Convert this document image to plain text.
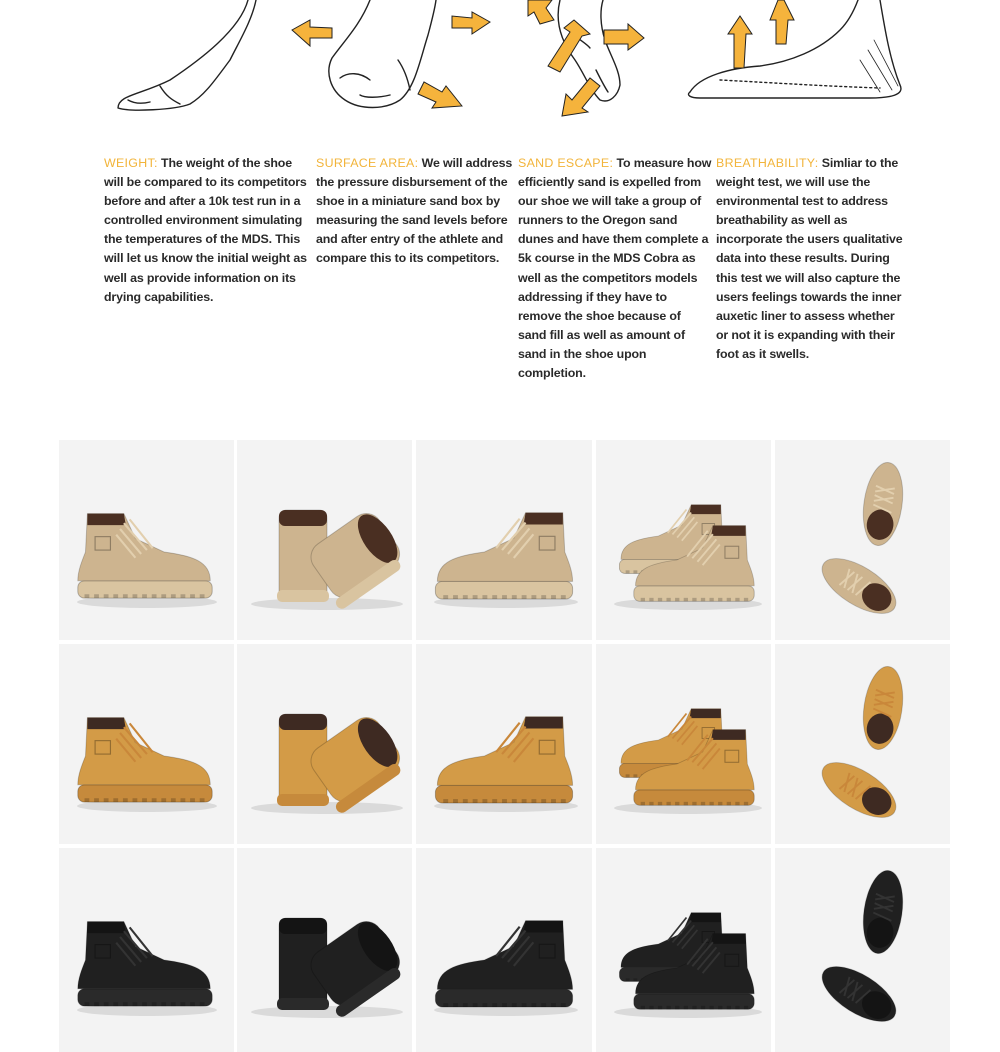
WEIGHT: The weight of the shoe
will be compared to its competitors
before and after a 10k test run in a
controlled environment simulating
the temperatures of the MDS. This
will let us know the initial weight as
well as provide information on its
drying capabilities.
SURFACE AREA: We will address
the pressure disbursement of the
shoe in a miniature sand box by
measuring the sand levels before
and after entry of the athlete and
compare this to its competitors.
SAND ESCAPE: To measure how
efficiently sand is expelled from
our shoe we will take a group of
runners to the Oregon sand
dunes and have them complete a
5k course in the MDS Cobra as
well as the competitors models
addressing if they have to
remove the shoe because of
sand fill as well as amount of
sand in the shoe upon
completion.
BREATHABILITY: Simliar to the
weight test, we will use the
environmental test to address
breathability as well as
incorporate the users qualitative
data into these results. During
this test we will also capture the
users feelings towards the inner
auxetic liner to assess whether
or not it is expanding with their
foot as it swells.
